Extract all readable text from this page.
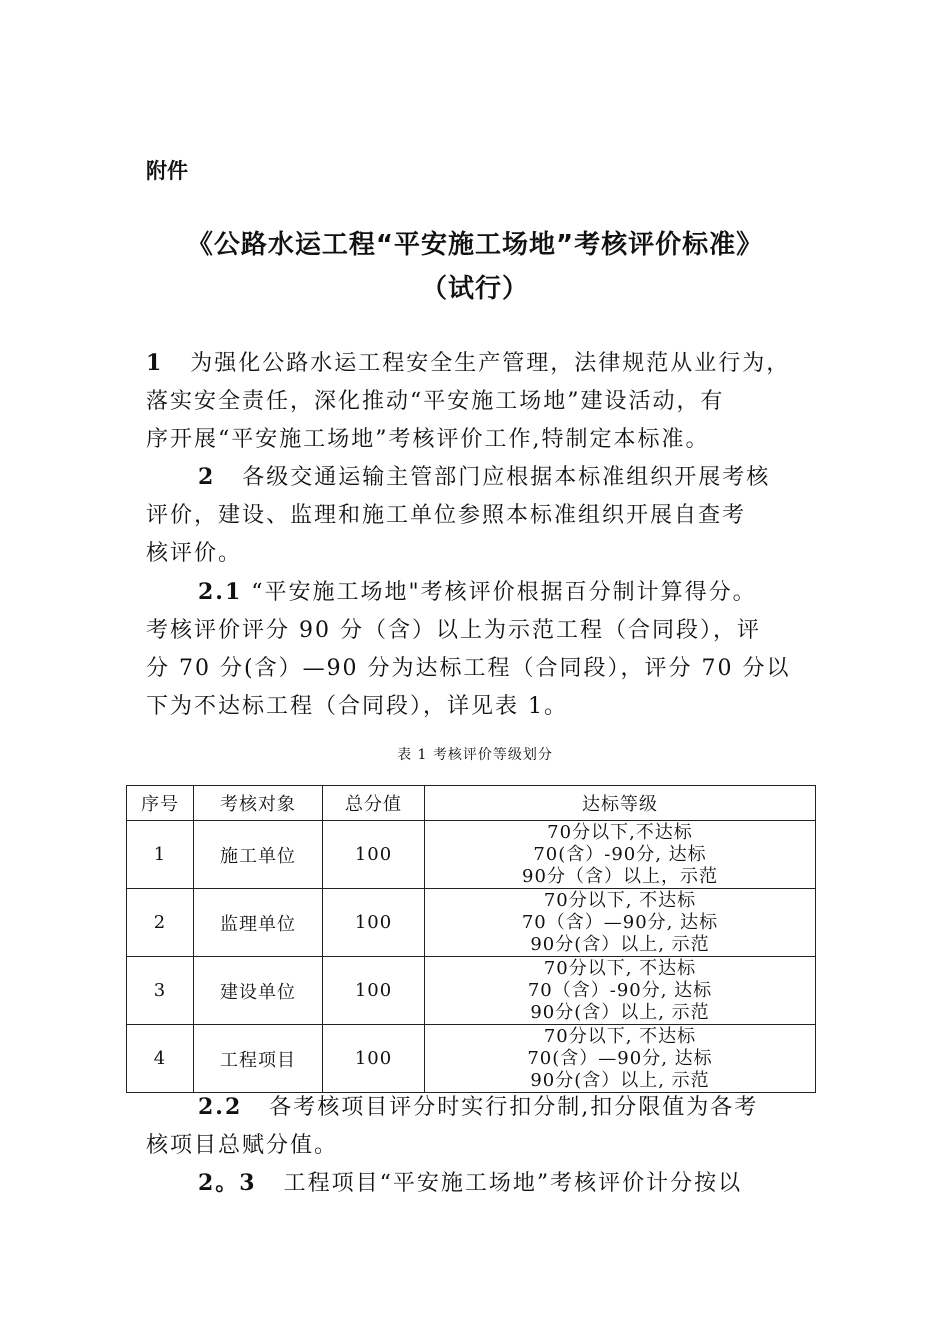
附件
《公路水运工程“平安施工场地”考核评价标准》
（试行）
1 为强化公路水运工程安全生产管理，法律规范从业行为，
落实安全责任，深化推动“平安施工场地”建设活动，有
序开展“平安施工场地”考核评价工作,特制定本标准。
2 各级交通运输主管部门应根据本标准组织开展考核
评价，建设、监理和施工单位参照本标准组织开展自查考
核评价。
2.1 “平安施工场地"考核评价根据百分制计算得分。
考核评价评分 90 分（含）以上为示范工程（合同段），评
分 70 分(含）—90 分为达标工程（合同段），评分 70 分以
下为不达标工程（合同段），详见表 1。
表 1 考核评价等级划分
序号	考核对象	总分值	达标等级
1	施工单位	100	70分以下,不达标
70(含）-90分, 达标
90分（含）以上，示范

2	监理单位	100	70分以下, 不达标
70（含）—90分, 达标
90分(含）以上, 示范

3	建设单位	100	70分以下, 不达标
70（含）-90分, 达标
90分(含）以上, 示范

4	工程项目	100	70分以下, 不达标
70(含）—90分, 达标
90分(含）以上, 示范
2.2 各考核项目评分时实行扣分制,扣分限值为各考
核项目总赋分值。
2。3 工程项目“平安施工场地”考核评价计分按以
